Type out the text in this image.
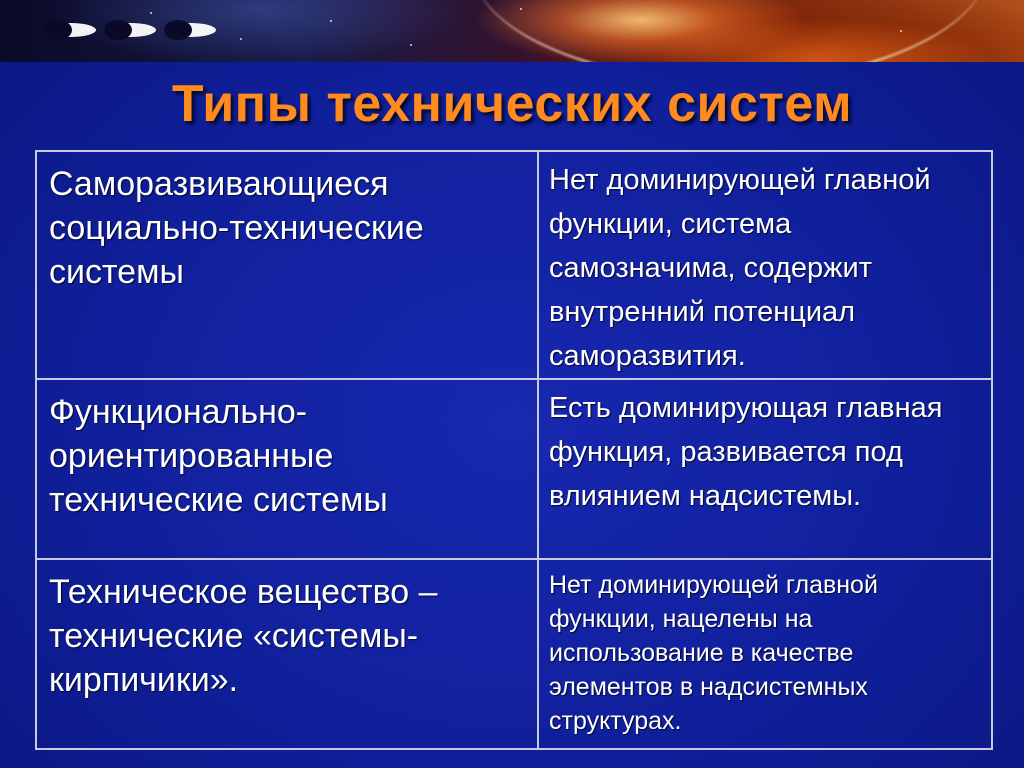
Типы технических систем
Саморазвивающиеся социально-технические системы	Нет доминирующей главной функции, система самозначима, содержит внутренний потенциал саморазвития.
Функционально-ориентированные технические системы	Есть доминирующая главная функция, развивается под влиянием надсистемы.
Техническое вещество – технические «системы-кирпичики».	Нет доминирующей главной функции, нацелены на использование в качестве элементов в надсистемных структурах.
